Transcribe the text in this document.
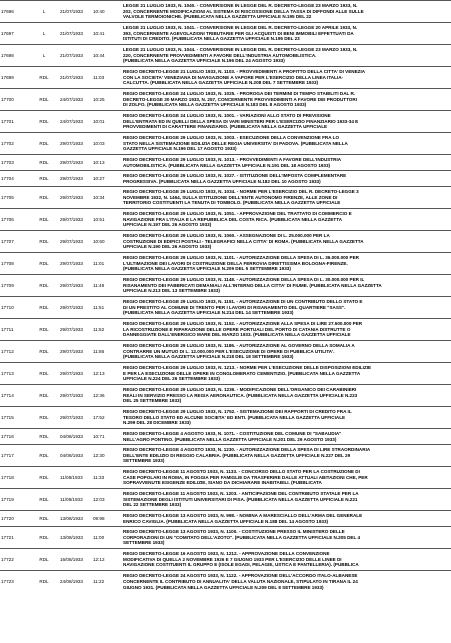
17696	L	21/07/1933	10:40	LEGGE 21 LUGLIO 1933, N. 1040. - CONVERSIONE IN LEGGE DEL R. DECRETO-LEGGE 23 MARZO 1933, N.
202, CONCERNENTE MODIFICAZIONI AL SISTEMA DI RISCOSSIONE DELLA TASSA DI DIFFONDI ALLE SULLE
VALVOLE TERMOIONICHE. (PUBBLICATA NELLA GAZZETTA UFFICIALE N.195 DEL 22

17697	L	21/07/1933	10:41	LEGGE 21 LUGLIO 1933, N. 1041. - CONVERSIONE IN LEGGE DEL R. DECRETO-LEGGE 20 APRILE 1933, N.
393, CONCERNENTE AGEVOLAZIONI TRIBUTARIE PER GLI ACQUISTI DI BENI IMMOBILI EFFETTUATI DA
ISTITUTI DI CREDITO. (PUBBLICATA NELLA GAZZETTA UFFICIALE N.195 DEL 23

17698	L	21/07/1933	10:44	LEGGE 21 LUGLIO 1933, N. 1044. - CONVERSIONE IN LEGGE DEL R. DECRETO-LEGGE 23 MARZO 1933, N.
220, CONCERNENTE PROVVEDIMENTI A FAVORE DELL'INDUSTRIA AUTOMOBILISTICA.
(PUBBLICATA NELLA GAZZETTA UFFICIALE N.196 DEL 24 AGOSTO 1933)

17699	RDL	21/07/1933	11:03	REGIO DECRETO-LEGGE 21 LUGLIO 1933, N. 1103. - PROVVEDIMENTI A PROFITTO DELLA CITTA' DI VENEZIA
CON LA SOCIETA' VENEZIANA DI NAVIGAZIONE A VAPORE PER L'ESERCIZIO DELLA LINEA ITALIA-
CALCUTTA. (PUBBLICATA NELLA GAZZETTA UFFICIALE N.208 DEL 7 SETTEMBRE 1933)

17700	RDL	24/07/1933	10:25	REGIO DECRETO-LEGGE 24 LUGLIO 1933, N. 1025. - PROROGA DEI TERMINI DI TEMPO STABILITI DAL R.
DECRETO-LEGGE 30 MARZO 1933, N. 257, CONCERNENTE PROVVEDIMENTI A FAVORE DEI PRODUTTORI
DI ZOLFO. (PUBBLICATA NELLA GAZZETTA UFFICIALE N.183 DEL 8 AGOSTO 1933)

17701	RDL	24/07/1933	10:01	REGIO DECRETO-LEGGE 24 LUGLIO 1933, N. 1001. - VARIAZIONI ALLO STATO DI PREVISIONE
DELL'ENTRATA ED IN QUELLI DELLA SPESA DI VARI MINISTERI PER L'ESERCIZIO FINANZIARIO 1933-34 E
PROVVEDIMENTI DI CARATTERE FINANZIARIO. (PUBBLICATA NELLA GAZZETTA UFFICIALE

17702	RDL	29/07/1933	10:03	REGIO DECRETO-LEGGE 29 LUGLIO 1933, N. 1003. - ESECUZIONE DELLA CONVENZIONE FRA LO
STATO NELLA SISTEMAZIONE EDILIZIA DELLE REGIA UNIVERSITA' DI PADOVA. (PUBBLICATA NELLA
GAZZETTA UFFICIALE N.196 DEL 17 AGOSTO 1933)

17703	RDL	29/07/1933	10:13	REGIO DECRETO-LEGGE 29 LUGLIO 1933, N. 1013. - PROVVEDIMENTI A FAVORE DELL'INDUSTRIA
AUTOMOBILISTICA. (PUBBLICATA NELLA GAZZETTA UFFICIALE N.191 DEL 18 AGOSTO 1933)

17704	RDL	29/07/1933	10:27	REGIO DECRETO-LEGGE 29 LUGLIO 1933, N. 1027. - ISTITUZIONE DELL'IMPOSTA COMPLEMENTARE
PROGRESSIVA. (PUBBLICATA NELLA GAZZETTA UFFICIALE N.182 DEL 10 AGOSTO 1933)

17705	RDL	29/07/1933	10:34	REGIO DECRETO-LEGGE 29 LUGLIO 1933, N. 1034. - NORME PER L'ESERCIZIO DEL R. DECRETO-LEGGE 3
NOVEMBRE 1932, N. 1464, SULLA ISTITUZIONE DELL'ENTE AUTONOMO FIRENZE, ALLE ZONE DI
TERRITORIO COSTITUENTI LA TENUTA DI TOMBOLO. (PUBBLICATA NELLA GAZZETTA UFFICIALE

17706	RDL	29/07/1933	10:51	REGIO DECRETO-LEGGE 29 LUGLIO 1933, N. 1051. - APPROVAZIONE DEL TRATTATO DI COMMERCIO E
NAVIGAZIONE FRA L'ITALIA E LA REPUBBLICA DEL COSTA RICA. (PUBBLICATA NELLA GAZZETTA
UFFICIALE N.197 DEL 26 AGOSTO 1933)

17707	RDL	29/07/1933	10:60	REGIO DECRETO-LEGGE 29 LUGLIO 1933, N. 1060. - ASSEGNAZIONE DI L. 25.000.000 PER LA
COSTRUZIONE DI EDIFICI POSTALI - TELEGRAFICI NELLA CITTA' DI ROMA. (PUBBLICATA NELLA GAZZETTA
UFFICIALE N.190 DEL 26 AGOSTO 1933)

17708	RDL	29/07/1933	11:01	REGIO DECRETO-LEGGE 29 LUGLIO 1933, N. 1101. - AUTORIZZAZIONE DELLA SPESA DI L. 36.000.000 PER
L'ULTIMAZIONE DEI LAVORI DI COSTRUZIONE DELLA FERROVIA DIRETTISSIMA BOLOGNA-FIRENZE.
(PUBBLICATA NELLA GAZZETTA UFFICIALE N.209 DEL 5 SETTEMBRE 1933)

17709	RDL	29/07/1933	11:48	REGIO DECRETO-LEGGE 29 LUGLIO 1933, N. 1148. - AUTORIZZAZIONE DELLA SPESA DI L. 30.000.000 PER IL
RISANAMENTO DEI FABBRICATI DEMANIALI ALL'INTERNO DELLA CITTA' DI FIUME. (PUBBLICATA NELLA GAZZETTA
UFFICIALE N.213 DEL 13 SETTEMBRE 1933)

17710	RDL	29/07/1933	11:51	REGIO DECRETO-LEGGE 29 LUGLIO 1933, N. 1151. - AUTORIZZAZIONE DI UN CONTRIBUTO DELLO STATO E
DI UN PRESTITO AL COMUNE DI TRENTO PER I LAVORI DI RISANAMENTO DEL QUARTIERE "SASS".
(PUBBLICATA NELLA GAZZETTA UFFICIALE N.214 DEL 14 SETTEMBRE 1933)

17711	RDL	29/07/1933	11:52	REGIO DECRETO-LEGGE 29 LUGLIO 1933, N. 1152. - AUTORIZZAZIONE ALLA SPESA DI LIRE 27.500.000 PER
LA RICOSTRUZIONE E RIPARAZIONE DELLE OPERE PORTUALI DEL PORTO DI CATANIA DISTRUTTE O
DANNEGGIATE DALL'ENERGICO MARE DEL MARZO 1933. (PUBBLICATA NELLA GAZZETTA UFFICIALE

17712	RDL	29/07/1933	11:86	REGIO DECRETO-LEGGE 29 LUGLIO 1933, N. 1186. - AUTORIZZAZIONE AL GOVERNO DELLA SOMALIA A
CONTRARRE UN MUTUO DI L. 12.000.000 PER L'ESECUZIONE DI OPERE DI PUBBLICA UTILITA'.
(PUBBLICATA NELLA GAZZETTA UFFICIALE N.218 DEL 18 SETTEMBRE 1933)

17713	RDL	29/07/1933	12:13	REGIO DECRETO-LEGGE 29 LUGLIO 1933, N. 1213. - NORME PER L'ESECUZIONE DELLE DISPOSIZIONI EDILIZIE
E PER LA ESECUZIONE DELLE OPERE IN CONGLOMERATO CEMENTIZIO. (PUBBLICATA NELLA GAZZETTA
UFFICIALE N.224 DEL 26 SETTEMBRE 1933)

17714	RDL	29/07/1933	12:36	REGIO DECRETO-LEGGE 29 LUGLIO 1933, N. 1236. - MODIFICAZIONE DELL'ORGANICO DEI CARABINIERI
REALI IN SERVIZIO PRESSO LA REGIA AERONAUTICA. (PUBBLICATA NELLA GAZZETTA UFFICIALE N.223
DEL 25 SETTEMBRE 1933)

17715	RDL	29/07/1933	17:52	REGIO DECRETO-LEGGE 29 LUGLIO 1933, N. 1752. - SISTEMAZIONE DEI RAPPORTI DI CREDITO FRA IL
TESORO DELLO STATO ED ALCUNE SOCIETA' ED ENTI. (PUBBLICATA NELLA GAZZETTA UFFICIALE
N.299 DEL 28 DICEMBRE 1933)

17716	RDL	04/08/1933	10:71	REGIO DECRETO-LEGGE 4 AGOSTO 1933, N. 1071. - COSTITUZIONE DEL COMUNE DI "SABAUDIA"
NELL'AGRO PONTINO. (PUBBLICATA NELLA GAZZETTA UFFICIALE N.201 DEL 29 AGOSTO 1933)

17717	RDL	04/08/1933	12:30	REGIO DECRETO-LEGGE 4 AGOSTO 1933, N. 1230. - AUTORIZZAZIONE DELLA SPESA DI LIRE STRAORDINARIA
DELL'ENTE EDILIZIO DI REGGIO CALABRIA. (PUBBLICATA NELLA GAZZETTA UFFICIALE N.227 DEL 29
SETTEMBRE 1933)

17718	RDL	11/08/1933	11:33	REGIO DECRETO-LEGGE 11 AGOSTO 1933, N. 1133. - CONCORSO DELLO STATO PER LA COSTRUZIONE DI
CASE POPOLARI IN ROMA, IN FOGGIA PER FAMIGLIE DA TRASFERIRE DALLE ATTUALI ABITAZIONI CHE, PER
SOPRAVVENUTE ESIGENZE EDILIZIE, SIANO DA DICHIARARE INABITABILI. (PUBBLICATA

17719	RDL	11/08/1933	12:03	REGIO DECRETO-LEGGE 11 AGOSTO 1933, N. 1203. - ANTICIPAZIONE DEL CONTRIBUTO STATALE PER LA
SISTEMAZIONE DEGLI ISTITUTI UNIVERSITARI DI PISA. (PUBBLICATA NELLA GAZZETTA UFFICIALE N.221
DEL 22 SETTEMBRE 1933)

17720	RDL	13/08/1933	09:98	REGIO DECRETO-LEGGE 13 AGOSTO 1933, N. 998. - NOMINA A MARESCIALLO DELL'ARMA DEL GENERALE
ENRICO CAVIGLIA. (PUBBLICATA NELLA GAZZETTA UFFICIALE N.188 DEL 14 AGOSTO 1933)

17721	RDL	13/08/1933	11:00	REGIO DECRETO-LEGGE 13 AGOSTO 1933, N. 1100. - COSTITUZIONE PRESSO IL MINISTERO DELLE
CORPORAZIONI DI UN "COMITATO DELL'AZOTO". (PUBBLICATA NELLA GAZZETTA UFFICIALE N.205 DEL 4
SETTEMBRE 1933)

17722	RDL	16/08/1933	12:12	REGIO DECRETO-LEGGE 16 AGOSTO 1933, N. 1212. - APPROVAZIONE DELLA CONVENZIONE
MODIFICATIVA DI QUELLA 2 NOVEMBRE 1926 E 7 GIUGNO 1933 PER L'ESERCIZIO DELLE LINEE DI
NAVIGAZIONE COSTITUENTI IL GRUPPO E (ISOLE EGADI, PELAGIE, USTICA E PANTELLERIA). (PUBBLICA

17723	RDL	24/08/1933	11:22	REGIO DECRETO-LEGGE 24 AGOSTO 1933, N. 1122. - APPROVAZIONE DELL'ACCORDO ITALO-ALBANESE
CONCERNENTE IL CONTRIBUTO DI ANNUALITA' DELLA VALUTA NAZIONALE, STIPULATO IN TIRANA IL 24
GIUGNO 1931. (PUBBLICATA NELLA GAZZETTA UFFICIALE N.209 DEL 8 SETTEMBRE 1933)
